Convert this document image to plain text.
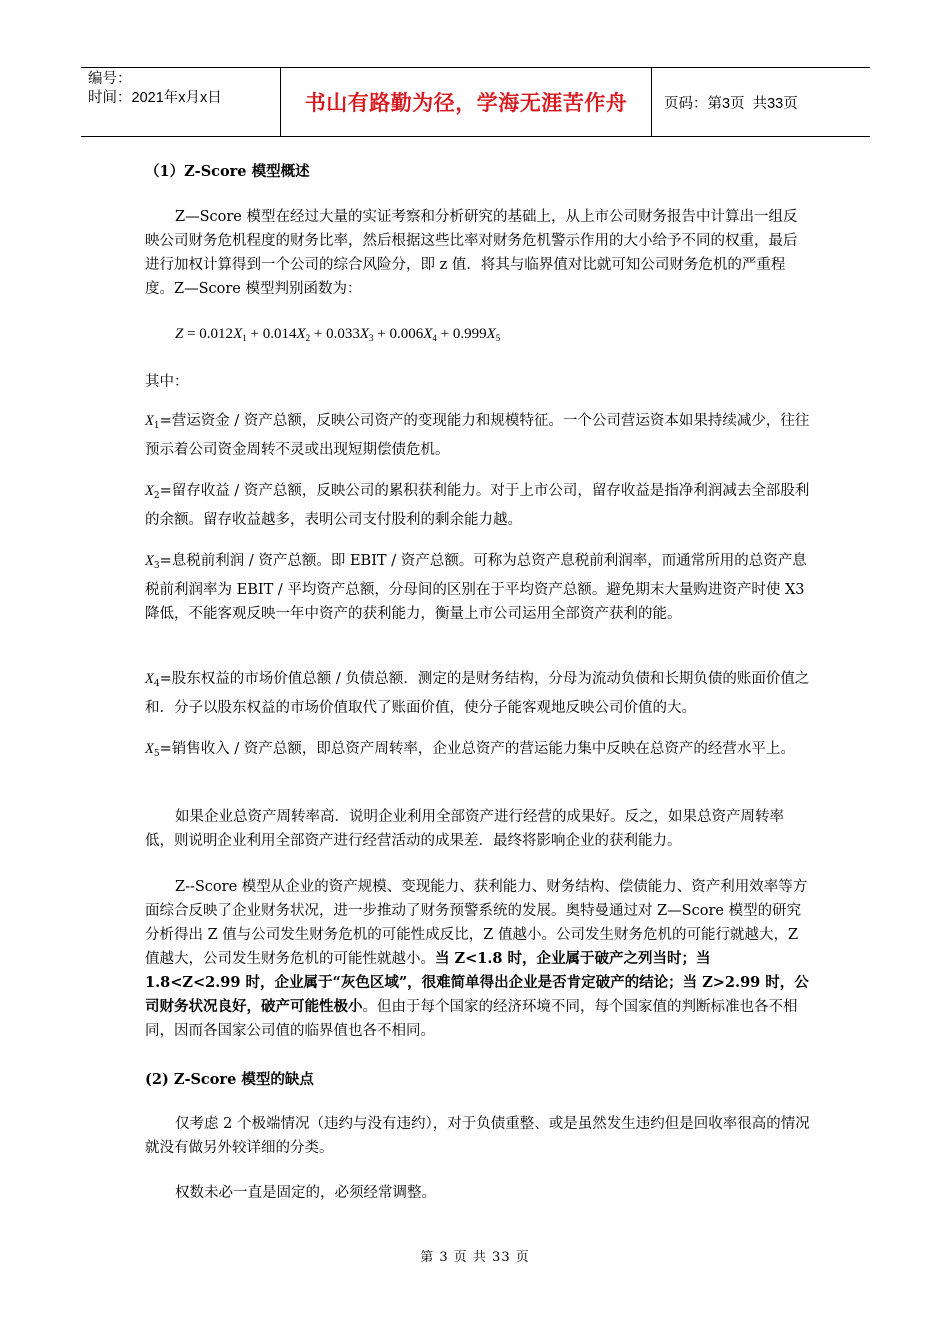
编号：
时间：2021年x月x日	书山有路勤为径，学海无涯苦作舟	页码：第3页  共33页

（1）Z-Score 模型概述

Z—Score 模型在经过大量的实证考察和分析研究的基础上，从上市公司财务报告中计算出一组反映公司财务危机程度的财务比率，然后根据这些比率对财务危机警示作用的大小给予不同的权重，最后进行加权计算得到一个公司的综合风险分，即 z 值．将其与临界值对比就可知公司财务危机的严重程度。Z—Score 模型判别函数为：

$Z = 0.012X_1 + 0.014X_2 + 0.033X_3 + 0.006X_4 + 0.999X_5$

其中：

$X_1=$营运资金 / 资产总额，反映公司资产的变现能力和规模特征。一个公司营运资本如果持续减少，往往预示着公司资金周转不灵或出现短期偿债危机。

$X_2=$留存收益 / 资产总额，反映公司的累积获利能力。对于上市公司，留存收益是指净利润减去全部股利的余额。留存收益越多，表明公司支付股利的剩余能力越。

$X_3=$息税前利润 / 资产总额。即 EBIT / 资产总额。可称为总资产息税前利润率，而通常所用的总资产息税前利润率为 EBIT / 平均资产总额，分母间的区别在于平均资产总额。避免期末大量购进资产时使 X3 降低，不能客观反映一年中资产的获利能力，衡量上市公司运用全部资产获利的能。

$X_4=$股东权益的市场价值总额 / 负债总额．测定的是财务结构，分母为流动负债和长期负债的账面价值之和．分子以股东权益的市场价值取代了账面价值，使分子能客观地反映公司价值的大。

$X_5=$销售收入 / 资产总额，即总资产周转率，企业总资产的营运能力集中反映在总资产的经营水平上。

如果企业总资产周转率高．说明企业利用全部资产进行经营的成果好。反之，如果总资产周转率低，则说明企业利用全部资产进行经营活动的成果差．最终将影响企业的获利能力。

Z--Score 模型从企业的资产规模、变现能力、获利能力、财务结构、偿债能力、资产利用效率等方面综合反映了企业财务状况，进一步推动了财务预警系统的发展。奥特曼通过对 Z—Score 模型的研究分析得出 Z 值与公司发生财务危机的可能性成反比，Z 值越小。公司发生财务危机的可能行就越大，Z 值越大，公司发生财务危机的可能性就越小。当 Z<1.8 时，企业属于破产之列当时；当 1.8<Z<2.99 时，企业属于“灰色区域”，很难简单得出企业是否肯定破产的结论；当 Z>2.99 时，公司财务状况良好，破产可能性极小。但由于每个国家的经济环境不同，每个国家值的判断标准也各不相同，因而各国家公司值的临界值也各不相同。

(2) Z-Score 模型的缺点

仅考虑 2 个极端情况（违约与没有违约），对于负债重整、或是虽然发生违约但是回收率很高的情况就没有做另外较详细的分类。

权数未必一直是固定的，必须经常调整。

第 3 页 共 33 页
